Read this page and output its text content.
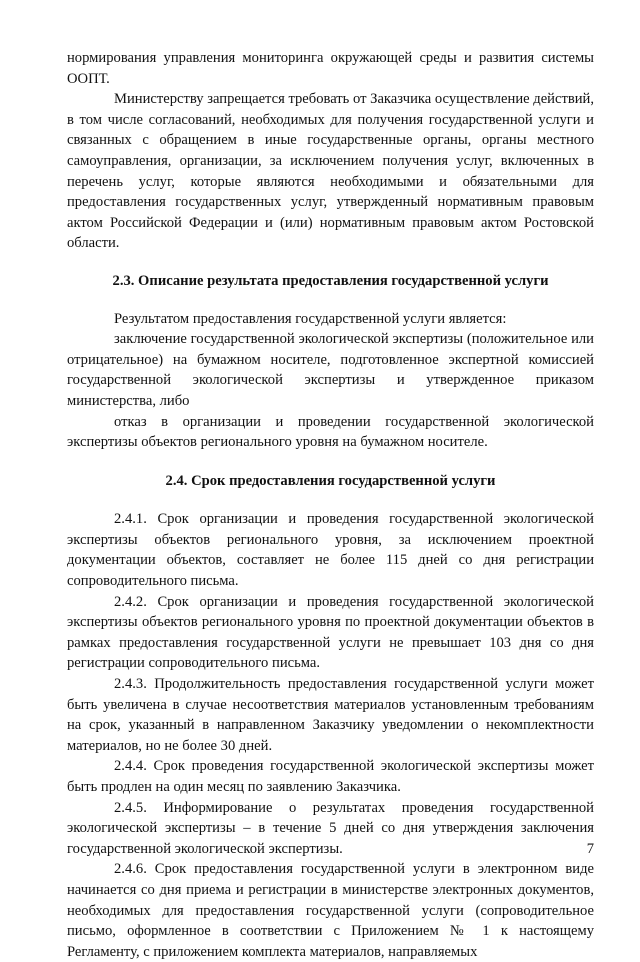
нормирования управления мониторинга окружающей среды и развития системы ООПТ.

Министерству запрещается требовать от Заказчика осуществление действий, в том числе согласований, необходимых для получения государственной услуги и связанных с обращением в иные государственные органы, органы местного самоуправления, организации, за исключением получения услуг, включенных в перечень услуг, которые являются необходимыми и обязательными для предоставления государственных услуг, утвержденный нормативным правовым актом Российской Федерации и (или) нормативным правовым актом Ростовской области.

2.3. Описание результата предоставления государственной услуги

Результатом предоставления государственной услуги является:

заключение государственной экологической экспертизы (положительное или отрицательное) на бумажном носителе, подготовленное экспертной комиссией государственной экологической экспертизы и утвержденное приказом министерства, либо

отказ в организации и проведении государственной экологической экспертизы объектов регионального уровня на бумажном носителе.

2.4. Срок предоставления государственной услуги

2.4.1. Срок организации и проведения государственной экологической экспертизы объектов регионального уровня, за исключением проектной документации объектов, составляет не более 115 дней со дня регистрации сопроводительного письма.

2.4.2. Срок организации и проведения государственной экологической экспертизы объектов регионального уровня по проектной документации объектов в рамках предоставления государственной услуги не превышает 103 дня со дня регистрации сопроводительного письма.

2.4.3. Продолжительность предоставления государственной услуги может быть увеличена в случае несоответствия материалов установленным требованиям на срок, указанный в направленном Заказчику уведомлении о некомплектности материалов, но не более 30 дней.

2.4.4. Срок проведения государственной экологической экспертизы может быть продлен на один месяц по заявлению Заказчика.

2.4.5. Информирование о результатах проведения государственной экологической экспертизы – в течение 5 дней со дня утверждения заключения государственной экологической экспертизы.

2.4.6. Срок предоставления государственной услуги в электронном виде начинается со дня приема и регистрации в министерстве электронных документов, необходимых для предоставления государственной услуги (сопроводительное письмо, оформленное в соответствии с Приложением № 1 к настоящему Регламенту, с приложением комплекта материалов, направляемых

7
